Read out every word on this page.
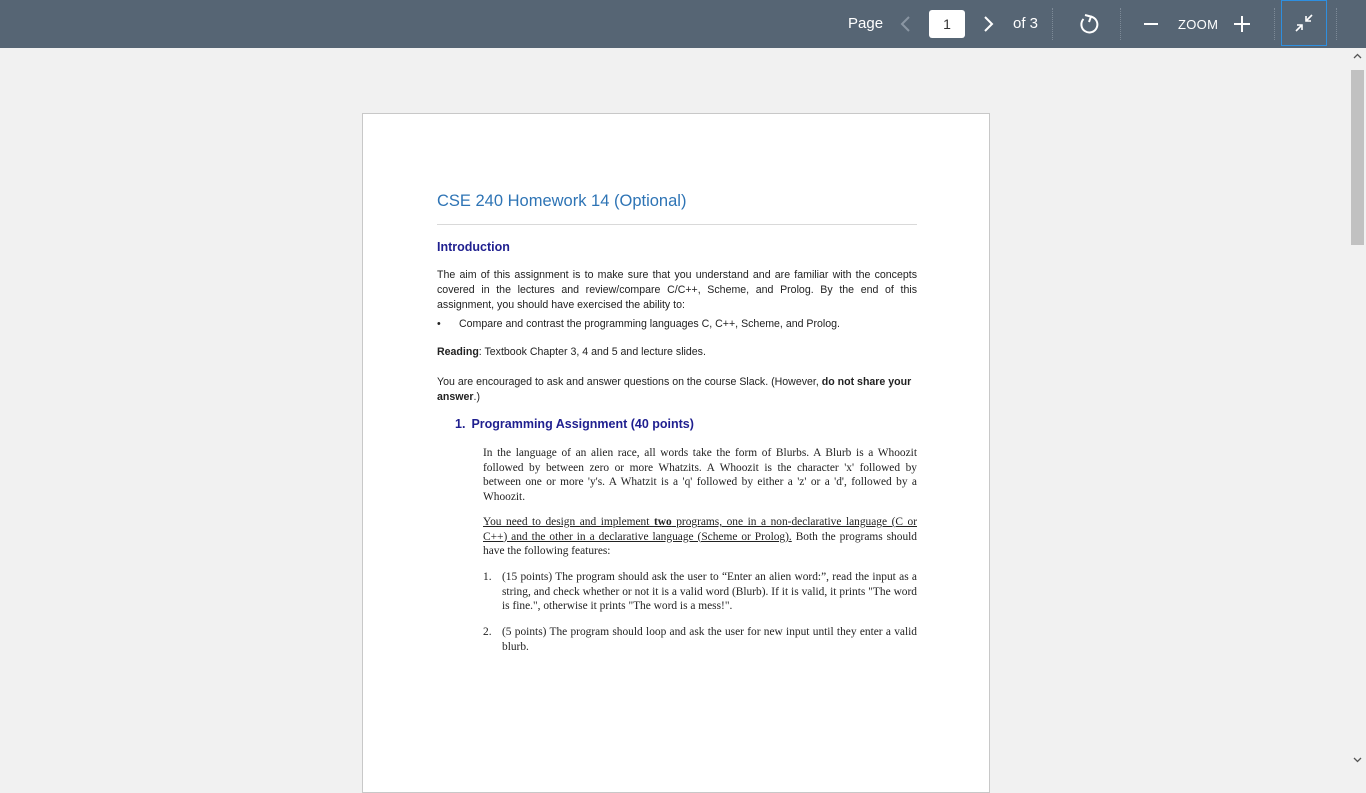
Page
1	of 3	ZOOM
CSE 240 Homework 14 (Optional)
Introduction
The aim of this assignment is to make sure that you understand and are familiar with the concepts covered in the lectures and review/compare C/C++, Scheme, and Prolog. By the end of this assignment, you should have exercised the ability to:
• Compare and contrast the programming languages C, C++, Scheme, and Prolog.
Reading: Textbook Chapter 3, 4 and 5 and lecture slides.
You are encouraged to ask and answer questions on the course Slack. (However, do not share your answer.)
1. Programming Assignment (40 points)
In the language of an alien race, all words take the form of Blurbs. A Blurb is a Whoozit followed by between zero or more Whatzits. A Whoozit is the character 'x' followed by between one or more 'y's. A Whatzit is a 'q' followed by either a 'z' or a 'd', followed by a Whoozit.
You need to design and implement two programs, one in a non-declarative language (C or C++) and the other in a declarative language (Scheme or Prolog). Both the programs should have the following features:
1. (15 points) The program should ask the user to “Enter an alien word:”, read the input as a string, and check whether or not it is a valid word (Blurb). If it is valid, it prints "The word is fine.", otherwise it prints "The word is a mess!".
2. (5 points) The program should loop and ask the user for new input until they enter a valid blurb.
